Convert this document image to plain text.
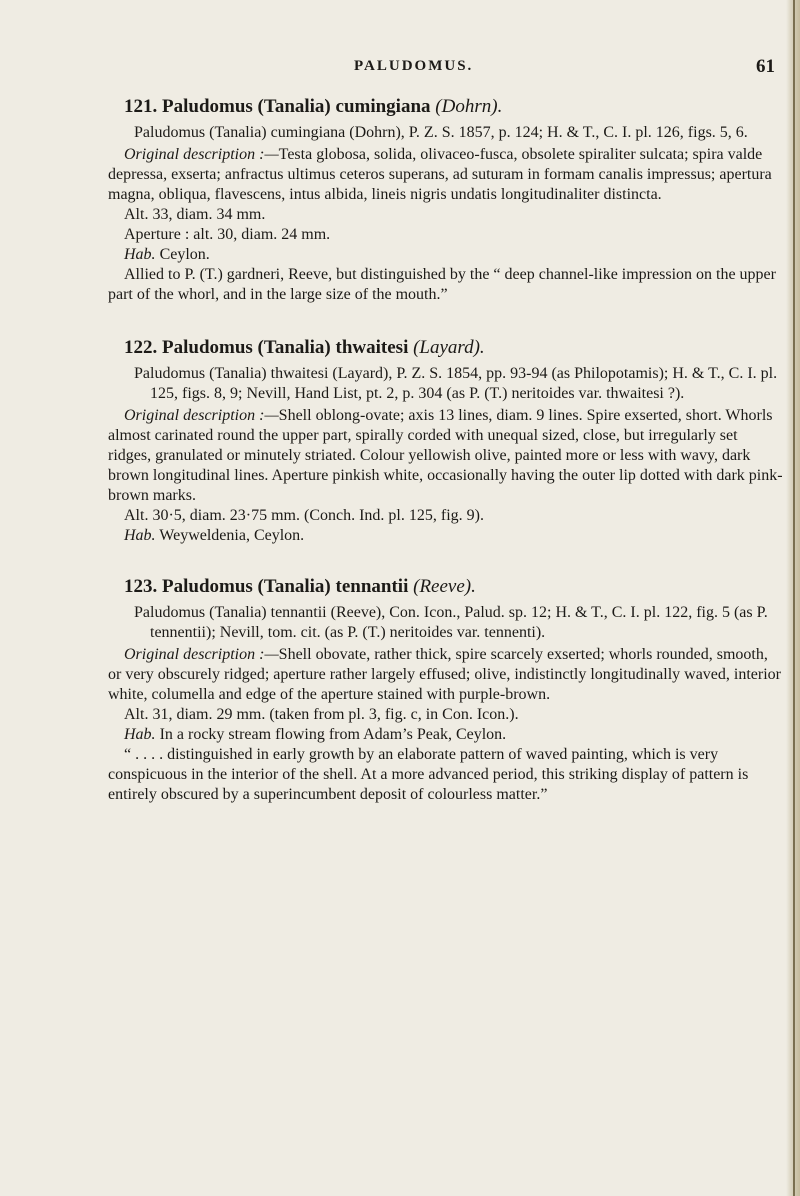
PALUDOMUS.	61
121. Paludomus (Tanalia) cumingiana (Dohrn).

Paludomus (Tanalia) cumingiana (Dohrn), P. Z. S. 1857, p. 124; H. & T., C. I. pl. 126, figs. 5, 6.

Original description :—Testa globosa, solida, olivaceo-fusca, obsolete spiraliter sulcata; spira valde depressa, exserta; anfractus ultimus ceteros superans, ad suturam in formam canalis impressus; apertura magna, obliqua, flavescens, intus albida, lineis nigris undatis longitudinaliter distincta.

Alt. 33, diam. 34 mm.

Aperture : alt. 30, diam. 24 mm.

Hab. Ceylon.

Allied to P. (T.) gardneri, Reeve, but distinguished by the “ deep channel-like impression on the upper part of the whorl, and in the large size of the mouth.”

122. Paludomus (Tanalia) thwaitesi (Layard).

Paludomus (Tanalia) thwaitesi (Layard), P. Z. S. 1854, pp. 93-94 (as Philopotamis); H. & T., C. I. pl. 125, figs. 8, 9; Nevill, Hand List, pt. 2, p. 304 (as P. (T.) neritoides var. thwaitesi ?).

Original description :—Shell oblong-ovate; axis 13 lines, diam. 9 lines. Spire exserted, short. Whorls almost carinated round the upper part, spirally corded with unequal sized, close, but irregularly set ridges, granulated or minutely striated. Colour yellowish olive, painted more or less with wavy, dark brown longitudinal lines. Aperture pinkish white, occasionally having the outer lip dotted with dark pink-brown marks.

Alt. 30·5, diam. 23·75 mm. (Conch. Ind. pl. 125, fig. 9).

Hab. Weyweldenia, Ceylon.

123. Paludomus (Tanalia) tennantii (Reeve).

Paludomus (Tanalia) tennantii (Reeve), Con. Icon., Palud. sp. 12; H. & T., C. I. pl. 122, fig. 5 (as P. tennentii); Nevill, tom. cit. (as P. (T.) neritoides var. tennenti).

Original description :—Shell obovate, rather thick, spire scarcely exserted; whorls rounded, smooth, or very obscurely ridged; aperture rather largely effused; olive, indistinctly longitudinally waved, interior white, columella and edge of the aperture stained with purple-brown.

Alt. 31, diam. 29 mm. (taken from pl. 3, fig. c, in Con. Icon.).

Hab. In a rocky stream flowing from Adam’s Peak, Ceylon.

“ . . . . distinguished in early growth by an elaborate pattern of waved painting, which is very conspicuous in the interior of the shell. At a more advanced period, this striking display of pattern is entirely obscured by a superincumbent deposit of colourless matter.”
